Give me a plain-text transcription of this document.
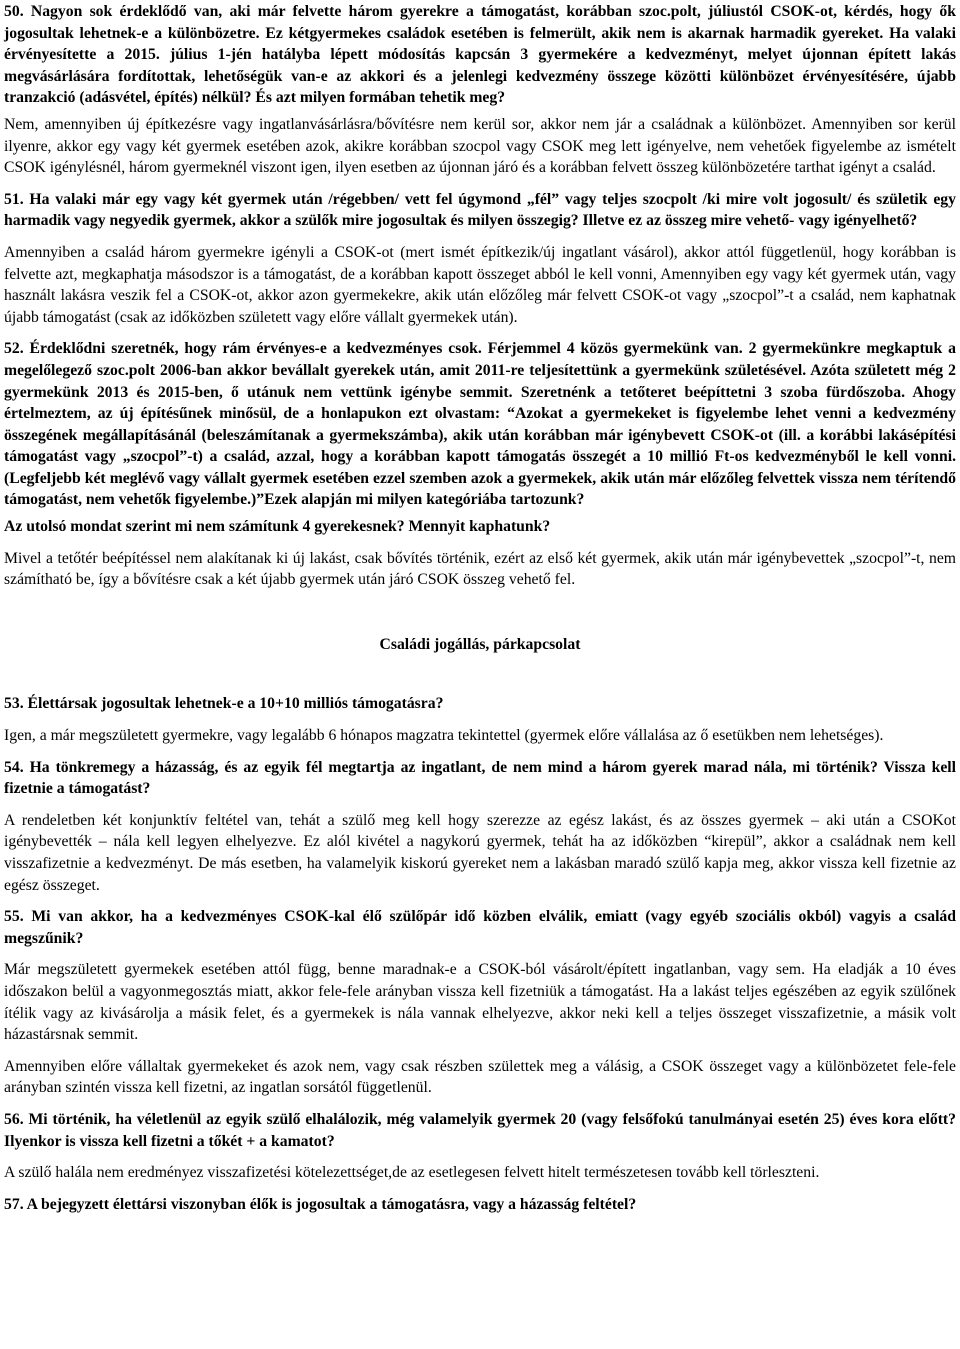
50. Nagyon sok érdeklődő van, aki már felvette három gyerekre a támogatást, korábban szoc.polt, júliustól CSOK-ot, kérdés, hogy ők jogosultak lehetnek-e a különbözetre. Ez kétgyermekes családok esetében is felmerült, akik nem is akarnak harmadik gyereket. Ha valaki érvényesítette a 2015. július 1-jén hatályba lépett módosítás kapcsán 3 gyermekére a kedvezményt, melyet újonnan épített lakás megvásárlására fordítottak, lehetőségük van-e az akkori és a jelenlegi kedvezmény összege közötti különbözet érvényesítésére, újabb tranzakció (adásvétel, építés) nélkül? És azt milyen formában tehetik meg?

Nem, amennyiben új építkezésre vagy ingatlanvásárlásra/bővítésre nem kerül sor, akkor nem jár a családnak a különbözet. Amennyiben sor kerül ilyenre, akkor egy vagy két gyermek esetében azok, akikre korábban szocpol vagy CSOK meg lett igényelve, nem vehetőek figyelembe az ismételt CSOK igénylésnél, három gyermeknél viszont igen, ilyen esetben az újonnan járó és a korábban felvett összeg különbözetére tarthat igényt a család.

51. Ha valaki már egy vagy két gyermek után /régebben/ vett fel úgymond „fél” vagy teljes szocpolt /ki mire volt jogosult/ és születik egy harmadik vagy negyedik gyermek, akkor a szülők mire jogosultak és milyen összegig? Illetve ez az összeg mire vehető- vagy igényelhető?

Amennyiben a család három gyermekre igényli a CSOK-ot (mert ismét építkezik/új ingatlant vásárol), akkor attól függetlenül, hogy korábban is felvette azt, megkaphatja másodszor is a támogatást, de a korábban kapott összeget abból le kell vonni, Amennyiben egy vagy két gyermek után, vagy használt lakásra veszik fel a CSOK-ot, akkor azon gyermekekre, akik után előzőleg már felvett CSOK-ot vagy „szocpol”-t a család, nem kaphatnak újabb támogatást (csak az időközben született vagy előre vállalt gyermekek után).

52. Érdeklődni szeretnék, hogy rám érvényes-e a kedvezményes csok. Férjemmel 4 közös gyermekünk van. 2 gyermekünkre megkaptuk a megelőlegező szoc.polt 2006-ban akkor bevállalt gyerekek után, amit 2011-re teljesítettünk a gyermekünk születésével. Azóta született még 2 gyermekünk 2013 és 2015-ben, ő utánuk nem vettünk igénybe semmit. Szeretnénk a tetőteret beépíttetni 3 szoba fürdőszoba. Ahogy értelmeztem, az új építésűnek minősül, de a honlapukon ezt olvastam: “Azokat a gyermekeket is figyelembe lehet venni a kedvezmény összegének megállapításánál (beleszámítanak a gyermekszámba), akik után korábban már igénybevett CSOK-ot (ill. a korábbi lakásépítési támogatást vagy „szocpol”-t) a család, azzal, hogy a korábban kapott támogatás összegét a 10 millió Ft-os kedvezményből le kell vonni. (Legfeljebb két meglévő vagy vállalt gyermek esetében ezzel szemben azok a gyermekek, akik után már előzőleg felvettek vissza nem térítendő támogatást, nem vehetők figyelembe.)”Ezek alapján mi milyen kategóriába tartozunk?

Az utolsó mondat szerint mi nem számítunk 4 gyerekesnek? Mennyit kaphatunk?

Mivel a tetőtér beépítéssel nem alakítanak ki új lakást, csak bővítés történik, ezért az első két gyermek, akik után már igénybevettek „szocpol”-t, nem számítható be, így a bővítésre csak a két újabb gyermek után járó CSOK összeg vehető fel.

Családi jogállás, párkapcsolat

53. Élettársak jogosultak lehetnek-e a 10+10 milliós támogatásra?

Igen, a már megszületett gyermekre, vagy legalább 6 hónapos magzatra tekintettel (gyermek előre vállalása az ő esetükben nem lehetséges).

54. Ha tönkremegy a házasság, és az egyik fél megtartja az ingatlant, de nem mind a három gyerek marad nála, mi történik? Vissza kell fizetnie a támogatást?

A rendeletben két konjunktív feltétel van, tehát a szülő meg kell hogy szerezze az egész lakást, és az összes gyermek – aki után a CSOKot igénybevették – nála kell legyen elhelyezve. Ez alól kivétel a nagykorú gyermek, tehát ha az időközben “kirepül”, akkor a családnak nem kell visszafizetnie a kedvezményt. De más esetben, ha valamelyik kiskorú gyereket nem a lakásban maradó szülő kapja meg, akkor vissza kell fizetnie az egész összeget.

55. Mi van akkor, ha a kedvezményes CSOK-kal élő szülőpár idő közben elválik, emiatt (vagy egyéb szociális okból) vagyis a család megszűnik?

Már megszületett gyermekek esetében attól függ, benne maradnak-e a CSOK-ból vásárolt/épített ingatlanban, vagy sem. Ha eladják a 10 éves időszakon belül a vagyonmegosztás miatt, akkor fele-fele arányban vissza kell fizetniük a támogatást. Ha a lakást teljes egészében az egyik szülőnek ítélik vagy az kivásárolja a másik felet, és a gyermekek is nála vannak elhelyezve, akkor neki kell a teljes összeget visszafizetnie, a másik volt házastársnak semmit.

Amennyiben előre vállaltak gyermekeket és azok nem, vagy csak részben születtek meg a válásig, a CSOK összeget vagy a különbözetet fele-fele arányban szintén vissza kell fizetni, az ingatlan sorsától függetlenül.

56. Mi történik, ha véletlenül az egyik szülő elhalálozik, még valamelyik gyermek 20 (vagy felsőfokú tanulmányai esetén 25) éves kora előtt? Ilyenkor is vissza kell fizetni a tőkét + a kamatot?

A szülő halála nem eredményez visszafizetési kötelezettséget,de az esetlegesen felvett hitelt természetesen tovább kell törleszteni.

57. A bejegyzett élettársi viszonyban élők is jogosultak a támogatásra, vagy a házasság feltétel?
